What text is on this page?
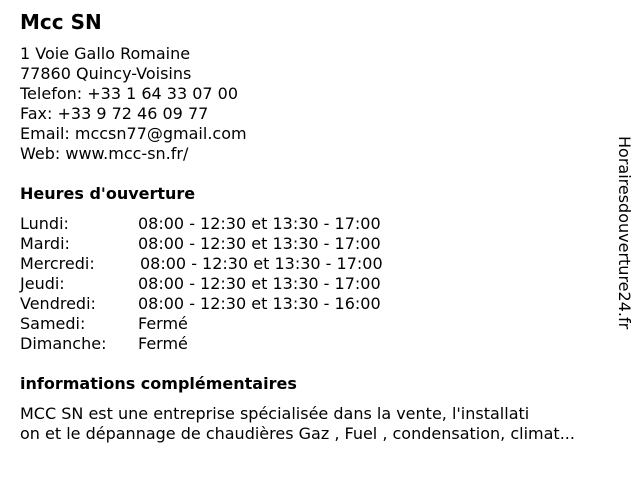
Mcc SN
1 Voie Gallo Romaine
77860 Quincy-Voisins
Telefon: +33 1 64 33 07 00
Fax: +33 9 72 46 09 77
Email: mccsn77@gmail.com
Web: www.mcc-sn.fr/
Heures d'ouverture
Lundi:	08:00 - 12:30 et 13:30 - 17:00
Mardi:	08:00 - 12:30 et 13:30 - 17:00
Mercredi:	08:00 - 12:30 et 13:30 - 17:00
Jeudi:	08:00 - 12:30 et 13:30 - 17:00
Vendredi:	08:00 - 12:30 et 13:30 - 16:00
Samedi:	Fermé
Dimanche: Fermé
informations complémentaires
MCC SN est une entreprise spécialisée dans la vente, l'installati
on et le dépannage de chaudières Gaz , Fuel , condensation, climat...
Horairesdouverture24.fr
